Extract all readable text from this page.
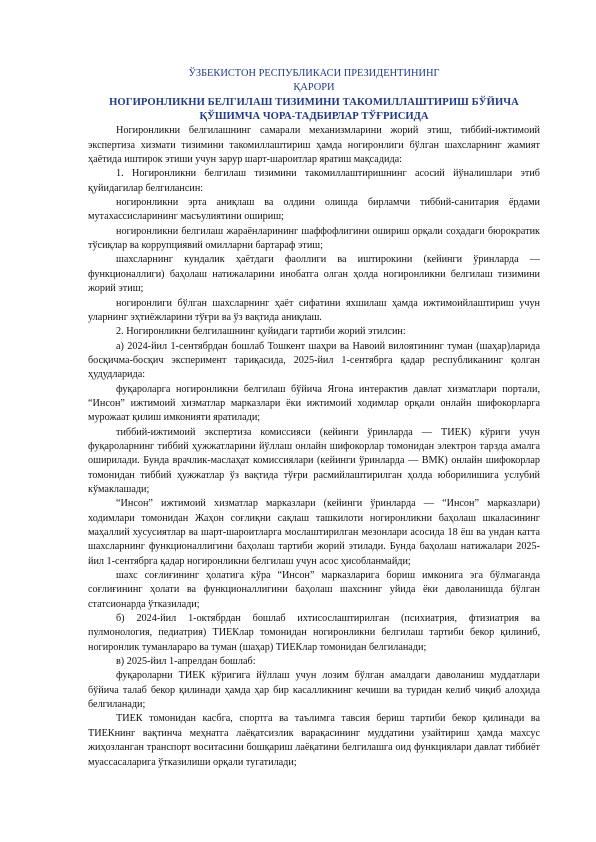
ЎЗБЕКИСТОН РЕСПУБЛИКАСИ ПРЕЗИДЕНТИНИНГ
ҚАРОРИ
НОГИРОНЛИКНИ БЕЛГИЛАШ ТИЗИМИНИ ТАКОМИЛЛАШТИРИШ БЎЙИЧА
ҚЎШИМЧА ЧОРА-ТАДБИРЛАР ТЎҒРИСИДА

Ногиронликни белгилашнинг самарали механизмларини жорий этиш, тиббий-ижтимоий экспертиза хизмати тизимини такомиллаштириш ҳамда ногиронлиги бўлган шахсларнинг жамият ҳаётида иштирок этиши учун зарур шарт-шароитлар яратиш мақсадида:

1. Ногиронликни белгилаш тизимини такомиллаштиришнинг асосий йўналишлари этиб қуйидагилар белгилансин:

ногиронликни эрта аниқлаш ва олдини олишда бирламчи тиббий-санитария ёрдами мутахассисларининг масъулиятини ошириш;

ногиронликни белгилаш жараёнларининг шаффофлигини ошириш орқали соҳадаги бюрократик тўсиқлар ва коррупциявий омилларни бартараф этиш;

шахсларнинг кундалик ҳаётдаги фаоллиги ва иштирокини (кейинги ўринларда — функционаллиги) баҳолаш натижаларини инобатга олган ҳолда ногиронликни белгилаш тизимини жорий этиш;

ногиронлиги бўлган шахсларнинг ҳаёт сифатини яхшилаш ҳамда ижтимоийлаштириш учун уларнинг эҳтиёжларини тўғри ва ўз вақтида аниқлаш.

2. Ногиронликни белгилашнинг қуйидаги тартиби жорий этилсин:

а) 2024-йил 1-сентябрдан бошлаб Тошкент шаҳри ва Навоий вилоятининг туман (шаҳар)ларида босқичма-босқич эксперимент тариқасида, 2025-йил 1-сентябрга қадар республиканинг қолган ҳудудларида:

фуқароларга ногиронликни белгилаш бўйича Ягона интерактив давлат хизматлари портали, “Инсон” ижтимоий хизматлар марказлари ёки ижтимоий ходимлар орқали онлайн шифокорларга мурожаат қилиш имконияти яратилади;

тиббий-ижтимоий экспертиза комиссияси (кейинги ўринларда — ТИЕК) кўриги учун фуқароларнинг тиббий ҳужжатларини йўллаш онлайн шифокорлар томонидан электрон тарзда амалга оширилади. Бунда врачлик-маслаҳат комиссиялари (кейинги ўринларда — ВМК) онлайн шифокорлар томонидан тиббий ҳужжатлар ўз вақтида тўғри расмийлаштирилган ҳолда юборилишига услубий кўмаклашади;

“Инсон” ижтимоий хизматлар марказлари (кейинги ўринларда — “Инсон” марказлари) ходимлари томонидан Жаҳон соғлиқни сақлаш ташкилоти ногиронликни баҳолаш шкаласининг маҳаллий хусусиятлар ва шарт-шароитларга мослаштирилган мезонлари асосида 18 ёш ва ундан катта шахсларнинг функционаллигини баҳолаш тартиби жорий этилади. Бунда баҳолаш натижалари 2025-йил 1-сентябрга қадар ногиронликни белгилаш учун асос ҳисобланмайди;

шахс соғлиғининг ҳолатига кўра “Инсон” марказларига бориш имконига эга бўлмаганда соғлиғининг ҳолати ва функционаллигини баҳолаш шахснинг уйида ёки даволанишда бўлган статсионарда ўтказилади;

б) 2024-йил 1-октябрдан бошлаб ихтисослаштирилган (психиатрия, фтизиатрия ва пулмонология, педиатрия) ТИЕКлар томонидан ногиронликни белгилаш тартиби бекор қилиниб, ногиронлик туманлараро ва туман (шаҳар) ТИЕКлар томонидан белгиланади;

в) 2025-йил 1-апрелдан бошлаб:

фуқароларни ТИЕК кўригига йўллаш учун лозим бўлган амалдаги даволаниш муддатлари бўйича талаб бекор қилинади ҳамда ҳар бир касалликнинг кечиши ва туридан келиб чиқиб алоҳида белгиланади;

ТИЕК томонидан касбга, спортга ва таълимга тавсия бериш тартиби бекор қилинади ва ТИЕКнинг вақтинча меҳнатга лаёқатсизлик варақасининг муддатини узайтириш ҳамда махсус жиҳозланган транспорт воситасини бошқариш лаёқатини белгилашга оид функциялари давлат тиббиёт муассасаларига ўтказилиши орқали тугатилади;
